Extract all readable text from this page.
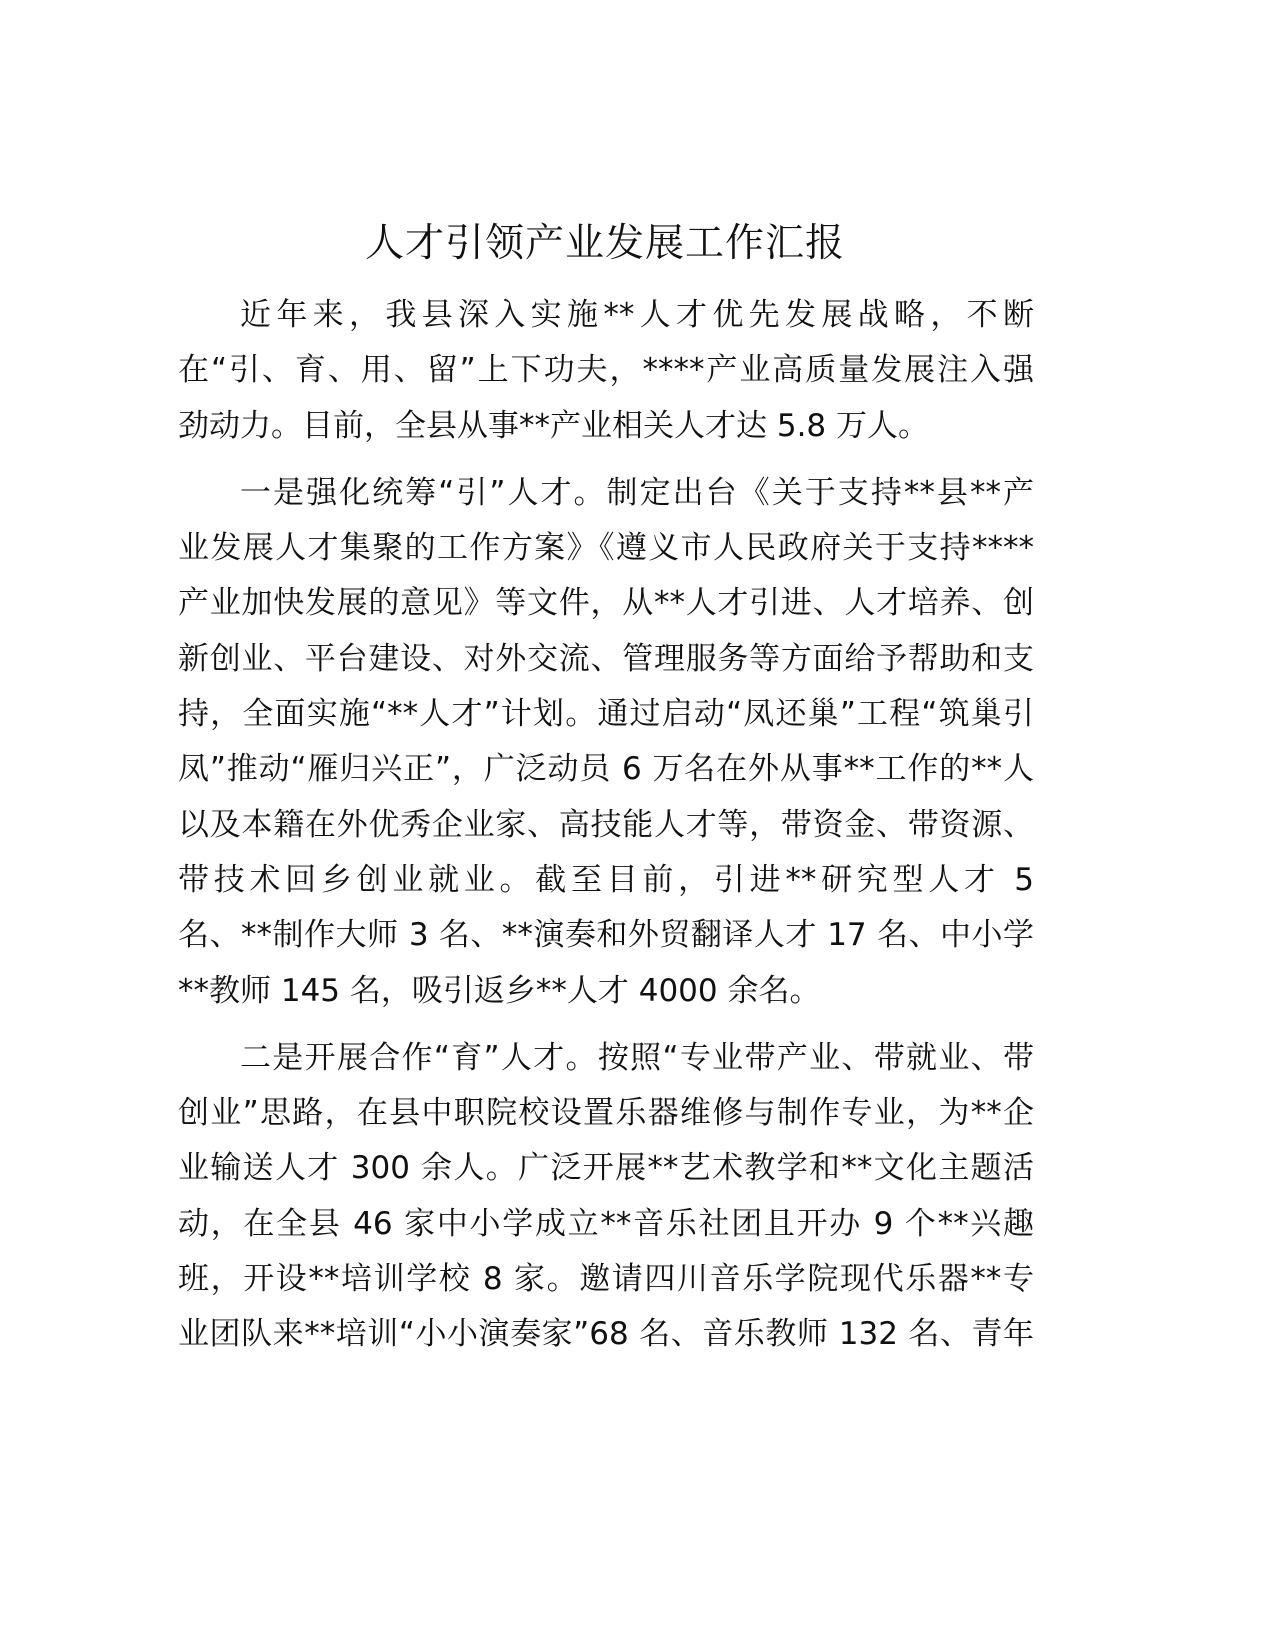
人才引领产业发展工作汇报
近年来，我县深入实施**人才优先发展战略，不断
在“引、育、用、留”上下功夫，****产业高质量发展注入强
劲动力。目前，全县从事**产业相关人才达 5.8 万人。
一是强化统筹“引”人才。制定出台《关于支持**县**产
业发展人才集聚的工作方案》《遵义市人民政府关于支持****
产业加快发展的意见》等文件，从**人才引进、人才培养、创
新创业、平台建设、对外交流、管理服务等方面给予帮助和支
持，全面实施“**人才”计划。通过启动“凤还巢”工程“筑巢引
凤”推动“雁归兴正”，广泛动员 6 万名在外从事**工作的**人
以及本籍在外优秀企业家、高技能人才等，带资金、带资源、
带技术回乡创业就业。截至目前，引进**研究型人才 5
名、**制作大师 3 名、**演奏和外贸翻译人才 17 名、中小学
**教师 145 名，吸引返乡**人才 4000 余名。
二是开展合作“育”人才。按照“专业带产业、带就业、带
创业”思路，在县中职院校设置乐器维修与制作专业，为**企
业输送人才 300 余人。广泛开展**艺术教学和**文化主题活
动，在全县 46 家中小学成立**音乐社团且开办 9 个**兴趣
班，开设**培训学校 8 家。邀请四川音乐学院现代乐器**专
业团队来**培训“小小演奏家”68 名、音乐教师 132 名、青年
